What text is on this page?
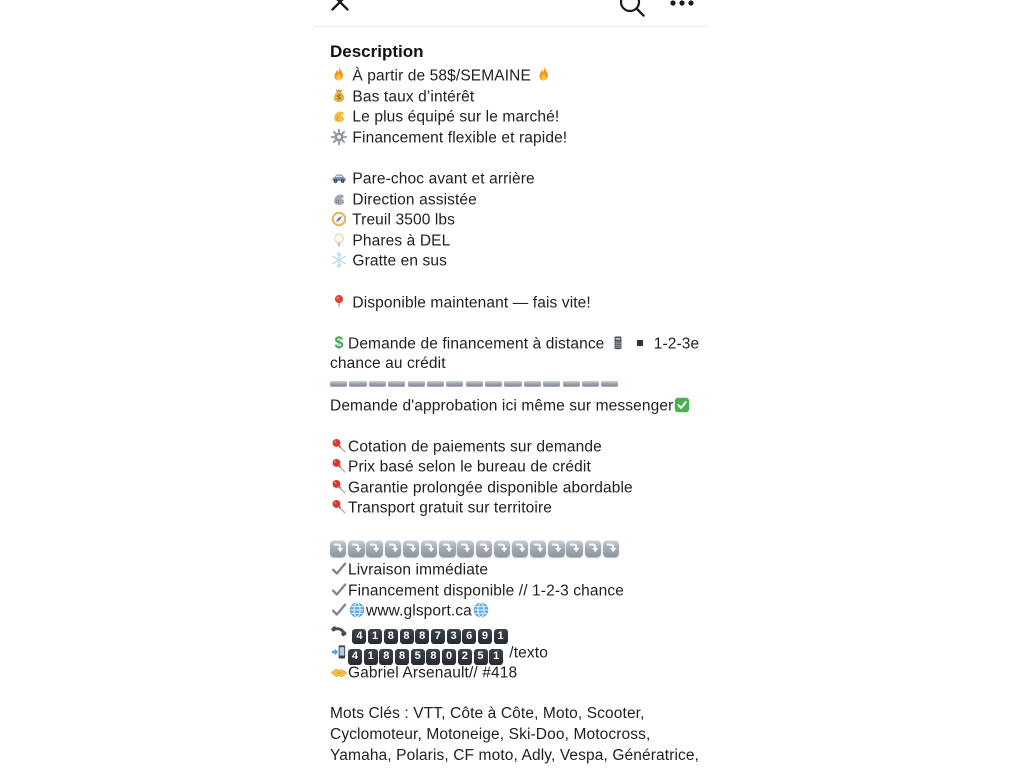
Description
À partir de 58$/SEMAINE
$ Bas taux d’intérêt
Le plus équipé sur le marché!
Financement flexible et rapide!
Pare-choc avant et arrière
Direction assistée
Treuil 3500 lbs
Phares à DEL
Gratte en sus
Disponible maintenant — fais vite!
$ Demande de financement à distance
	1-2-3e
chance au crédit
Demande d'approbation ici même sur messenger
Cotation de paiements sur demande
Prix basé selon le bureau de crédit
Garantie prolongée disponible abordable
Transport gratuit sur territoire
Livraison immédiate
Financement disponible // 1-2-3 chance
www.glsport.ca
4 1 8 8 8 7 3 6 9 1
4 1 8 8 5 8 0 2 5 1 /texto
Gabriel Arsenault// #418
Mots Clés : VTT, Côte à Côte, Moto, Scooter,
Cyclomoteur, Motoneige, Ski-Doo, Motocross,
Yamaha, Polaris, CF moto, Adly, Vespa, Génératrice,
